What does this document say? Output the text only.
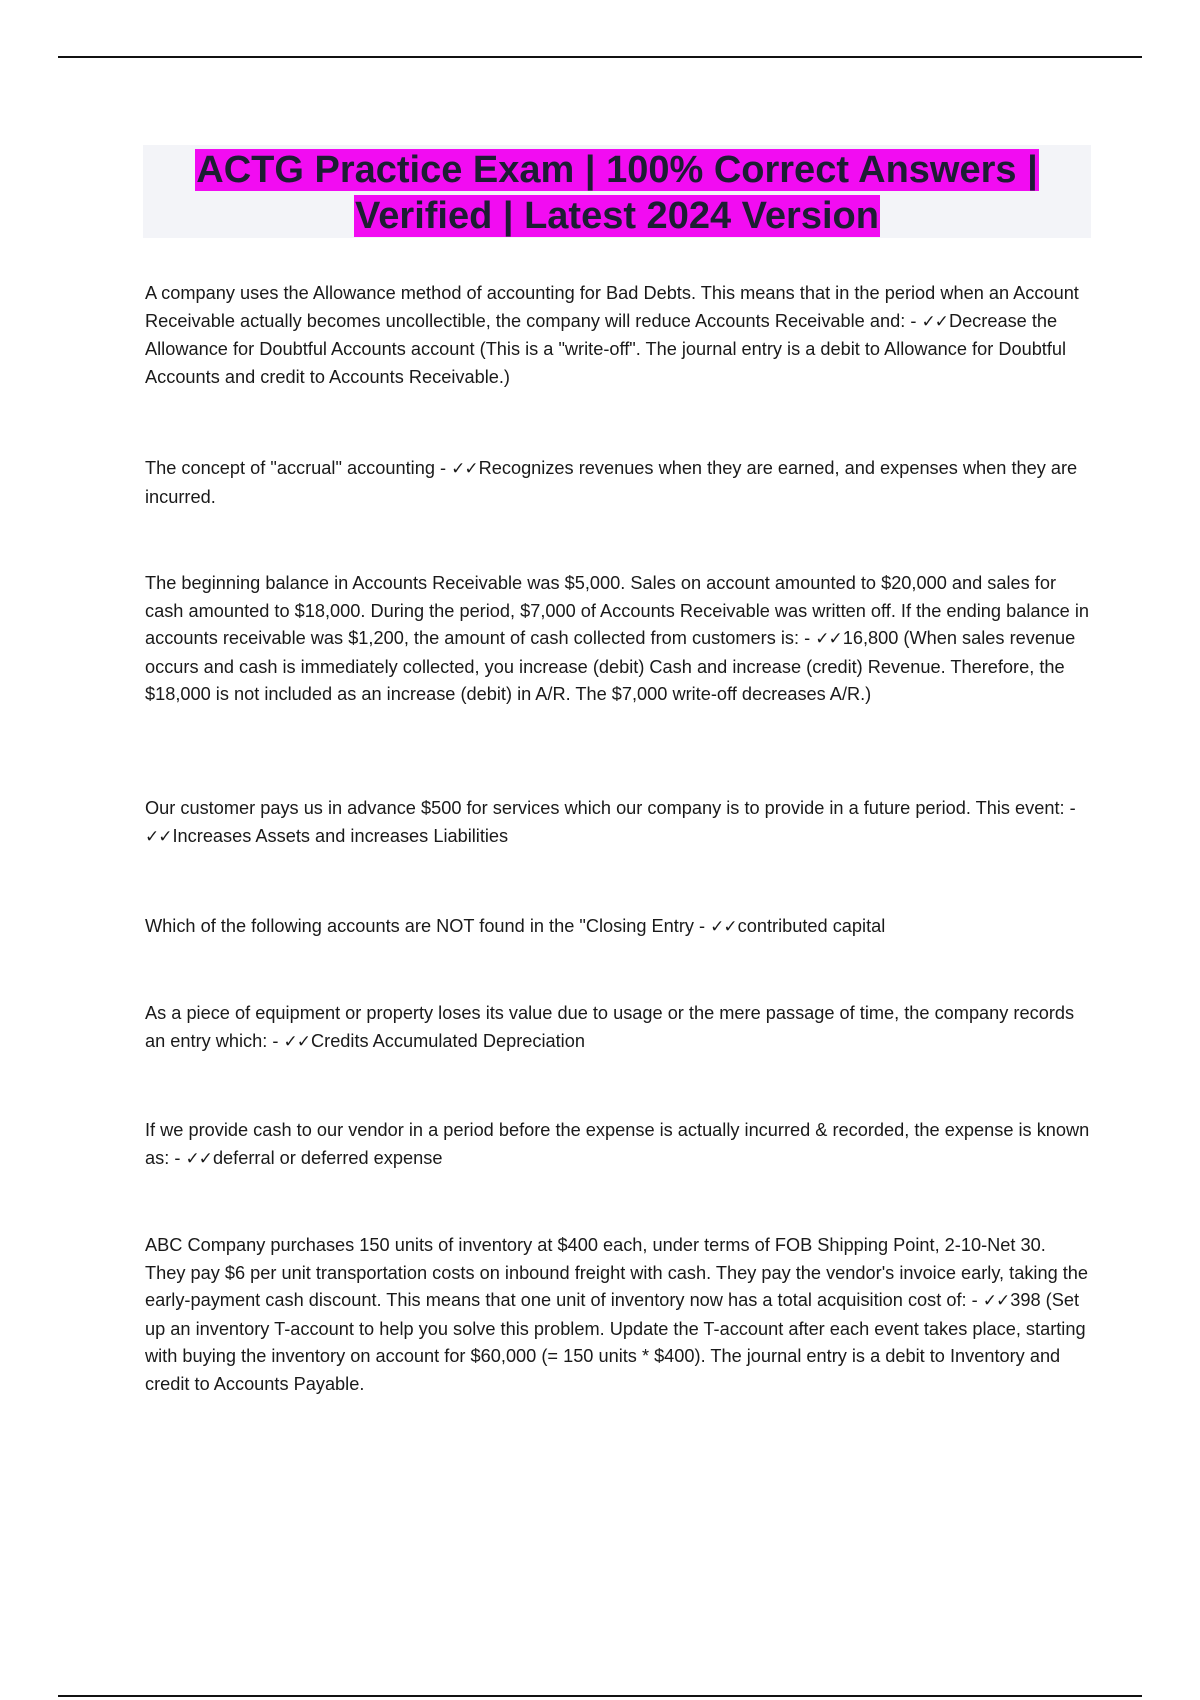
ACTG Practice Exam | 100% Correct Answers |
Verified | Latest 2024 Version

A company uses the Allowance method of accounting for Bad Debts. This means that in the period when an Account Receivable actually becomes uncollectible, the company will reduce Accounts Receivable and: - ✓✓Decrease the Allowance for Doubtful Accounts account (This is a "write-off". The journal entry is a debit to Allowance for Doubtful Accounts and credit to Accounts Receivable.)

The concept of "accrual" accounting - ✓✓Recognizes revenues when they are earned, and expenses when they are incurred.

The beginning balance in Accounts Receivable was $5,000. Sales on account amounted to $20,000 and sales for cash amounted to $18,000. During the period, $7,000 of Accounts Receivable was written off. If the ending balance in accounts receivable was $1,200, the amount of cash collected from customers is: - ✓✓16,800 (When sales revenue occurs and cash is immediately collected, you increase (debit) Cash and increase (credit) Revenue. Therefore, the $18,000 is not included as an increase (debit) in A/R. The $7,000 write-off decreases A/R.)

Our customer pays us in advance $500 for services which our company is to provide in a future period. This event: - ✓✓Increases Assets and increases Liabilities

Which of the following accounts are NOT found in the "Closing Entry - ✓✓contributed capital

As a piece of equipment or property loses its value due to usage or the mere passage of time, the company records an entry which: - ✓✓Credits Accumulated Depreciation

If we provide cash to our vendor in a period before the expense is actually incurred & recorded, the expense is known as: - ✓✓deferral or deferred expense

ABC Company purchases 150 units of inventory at $400 each, under terms of FOB Shipping Point, 2-10-Net 30. They pay $6 per unit transportation costs on inbound freight with cash. They pay the vendor's invoice early, taking the early-payment cash discount. This means that one unit of inventory now has a total acquisition cost of: - ✓✓398 (Set up an inventory T-account to help you solve this problem. Update the T-account after each event takes place, starting with buying the inventory on account for $60,000 (= 150 units * $400). The journal entry is a debit to Inventory and credit to Accounts Payable.
